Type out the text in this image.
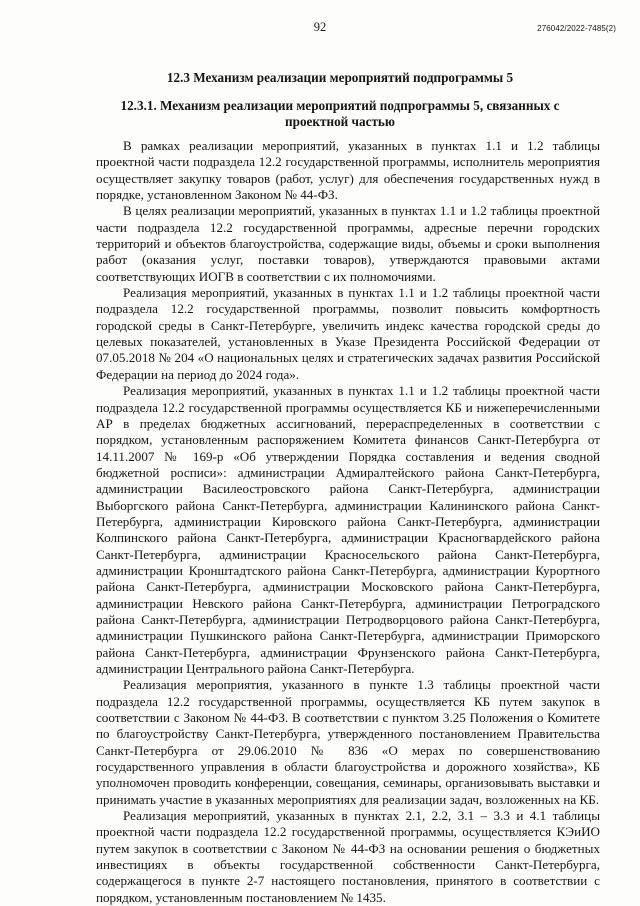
92	276042/2022-7485(2)
12.3 Механизм реализации мероприятий подпрограммы 5
12.3.1. Механизм реализации мероприятий подпрограммы 5, связанных с проектной частью

В рамках реализации мероприятий, указанных в пунктах 1.1 и 1.2 таблицы проектной части подраздела 12.2 государственной программы, исполнитель мероприятия осуществляет закупку товаров (работ, услуг) для обеспечения государственных нужд в порядке, установленном Законом № 44-ФЗ.

В целях реализации мероприятий, указанных в пунктах 1.1 и 1.2 таблицы проектной части подраздела 12.2 государственной программы, адресные перечни городских территорий и объектов благоустройства, содержащие виды, объемы и сроки выполнения работ (оказания услуг, поставки товаров), утверждаются правовыми актами соответствующих ИОГВ в соответствии с их полномочиями.

Реализация мероприятий, указанных в пунктах 1.1 и 1.2 таблицы проектной части подраздела 12.2 государственной программы, позволит повысить комфортность городской среды в Санкт-Петербурге, увеличить индекс качества городской среды до целевых показателей, установленных в Указе Президента Российской Федерации от 07.05.2018 № 204 «О национальных целях и стратегических задачах развития Российской Федерации на период до 2024 года».

Реализация мероприятий, указанных в пунктах 1.1 и 1.2 таблицы проектной части подраздела 12.2 государственной программы осуществляется КБ и нижеперечисленными АР в пределах бюджетных ассигнований, перераспределенных в соответствии с порядком, установленным распоряжением Комитета финансов Санкт-Петербурга от 14.11.2007 № 169-р «Об утверждении Порядка составления и ведения сводной бюджетной росписи»: администрации Адмиралтейского района Санкт-Петербурга, администрации Василеостровского района Санкт-Петербурга, администрации Выборгского района Санкт-Петербурга, администрации Калининского района Санкт-Петербурга, администрации Кировского района Санкт-Петербурга, администрации Колпинского района Санкт-Петербурга, администрации Красногвардейского района Санкт-Петербурга, администрации Красносельского района Санкт-Петербурга, администрации Кронштадтского района Санкт-Петербурга, администрации Курортного района Санкт-Петербурга, администрации Московского района Санкт-Петербурга, администрации Невского района Санкт-Петербурга, администрации Петроградского района Санкт-Петербурга, администрации Петродворцового района Санкт-Петербурга, администрации Пушкинского района Санкт-Петербурга, администрации Приморского района Санкт-Петербурга, администрации Фрунзенского района Санкт-Петербурга, администрации Центрального района Санкт-Петербурга.

Реализация мероприятия, указанного в пункте 1.3 таблицы проектной части подраздела 12.2 государственной программы, осуществляется КБ путем закупок в соответствии с Законом № 44-ФЗ. В соответствии с пунктом 3.25 Положения о Комитете по благоустройству Санкт-Петербурга, утвержденного постановлением Правительства Санкт-Петербурга от 29.06.2010 № 836 «О мерах по совершенствованию государственного управления в области благоустройства и дорожного хозяйства», КБ уполномочен проводить конференции, совещания, семинары, организовывать выставки и принимать участие в указанных мероприятиях для реализации задач, возложенных на КБ.

Реализация мероприятий, указанных в пунктах 2.1, 2.2, 3.1 – 3.3 и 4.1 таблицы проектной части подраздела 12.2 государственной программы, осуществляется КЭиИО путем закупок в соответствии с Законом № 44-ФЗ на основании решения о бюджетных инвестициях в объекты государственной собственности Санкт-Петербурга, содержащегося в пункте 2-7 настоящего постановления, принятого в соответствии с порядком, установленным постановлением № 1435.
